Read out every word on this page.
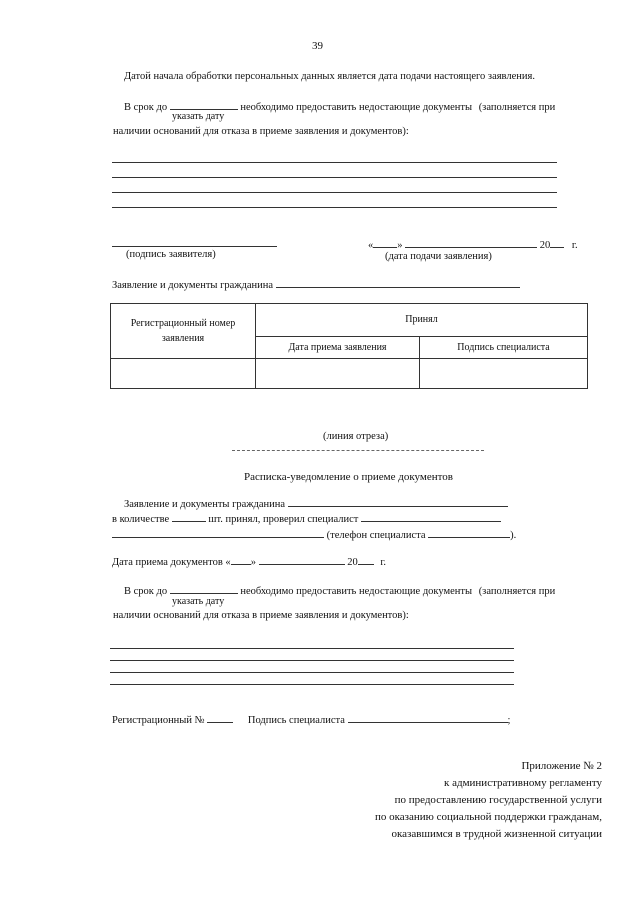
39
Датой начала обработки персональных данных является дата подачи настоящего заявления.
В срок до	необходимо предоставить недостающие документы (заполняется при
указать дату
наличии оснований для отказа в приеме заявления и документов):
« »	20 г.
(подпись заявителя)	(дата подачи заявления)
Заявление и документы гражданина
Регистрационный номер заявления	Принял	
	Дата приема заявления	Подпись специалиста

(линия отреза)
Расписка-уведомление о приеме документов
Заявление и документы гражданина
в количестве	шт. принял, проверил специалист
(телефон специалиста	).
Дата приема документов « »	20 г.
В срок до	необходимо предоставить недостающие документы (заполняется при
указать дату
наличии оснований для отказа в приеме заявления и документов):
Регистрационный №	Подпись специалиста	;
Приложение № 2
к административному регламенту
по предоставлению государственной услуги
по оказанию социальной поддержки гражданам,
оказавшимся в трудной жизненной ситуации
